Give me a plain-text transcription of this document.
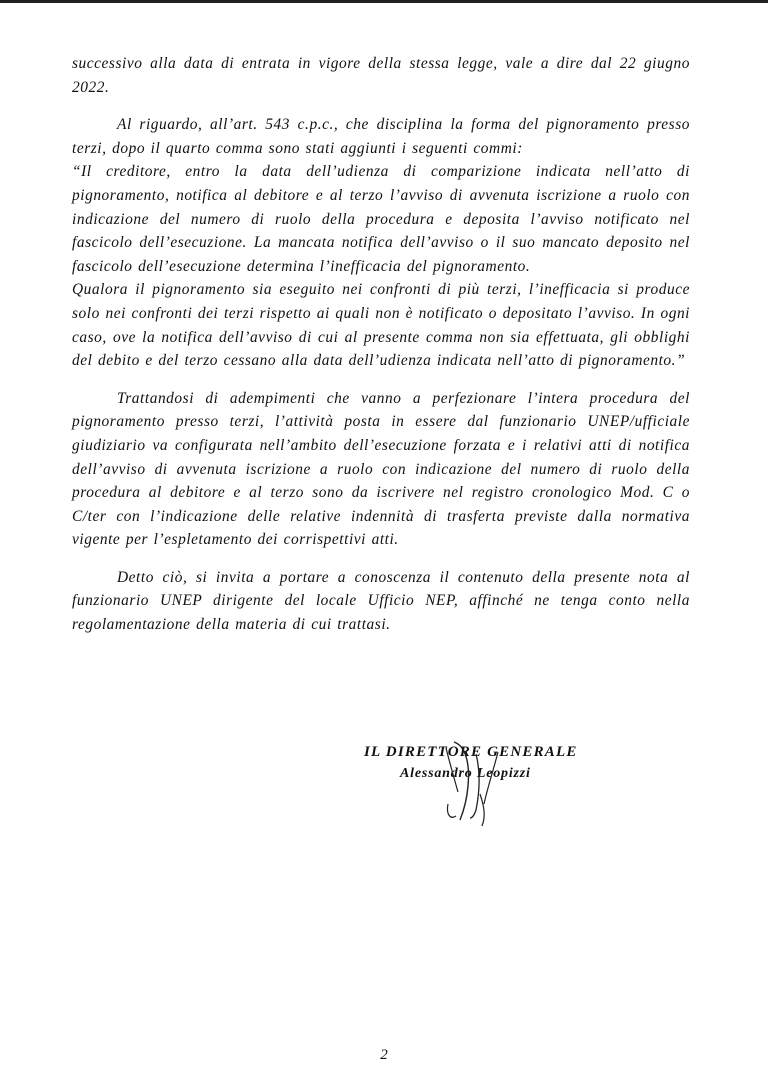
successivo alla data di entrata in vigore della stessa legge, vale a dire dal 22 giugno 2022.

Al riguardo, all’art. 543 c.p.c., che disciplina la forma del pignoramento presso terzi, dopo il quarto comma sono stati aggiunti i seguenti commi:

“Il creditore, entro la data dell’udienza di comparizione indicata nell’atto di pignoramento, notifica al debitore e al terzo l’avviso di avvenuta iscrizione a ruolo con indicazione del numero di ruolo della procedura e deposita l’avviso notificato nel fascicolo dell’esecuzione. La mancata notifica dell’avviso o il suo mancato deposito nel fascicolo dell’esecuzione determina l’inefficacia del pignoramento.

Qualora il pignoramento sia eseguito nei confronti di più terzi, l’inefficacia si produce solo nei confronti dei terzi rispetto ai quali non è notificato o depositato l’avviso. In ogni caso, ove la notifica dell’avviso di cui al presente comma non sia effettuata, gli obblighi del debito e del terzo cessano alla data dell’udienza indicata nell’atto di pignoramento.”

Trattandosi di adempimenti che vanno a perfezionare l’intera procedura del pignoramento presso terzi, l’attività posta in essere dal funzionario UNEP/ufficiale giudiziario va configurata nell’ambito dell’esecuzione forzata e i relativi atti di notifica dell’avviso di avvenuta iscrizione a ruolo con indicazione del numero di ruolo della procedura al debitore e al terzo sono da iscrivere nel registro cronologico Mod. C o C/ter con l’indicazione delle relative indennità di trasferta previste dalla normativa vigente per l’espletamento dei corrispettivi atti.

Detto ciò, si invita a portare a conoscenza il contenuto della presente nota al funzionario UNEP dirigente del locale Ufficio NEP, affinché ne tenga conto nella regolamentazione della materia di cui trattasi.

IL DIRETTORE GENERALE
Alessandro Leopizzi
2
